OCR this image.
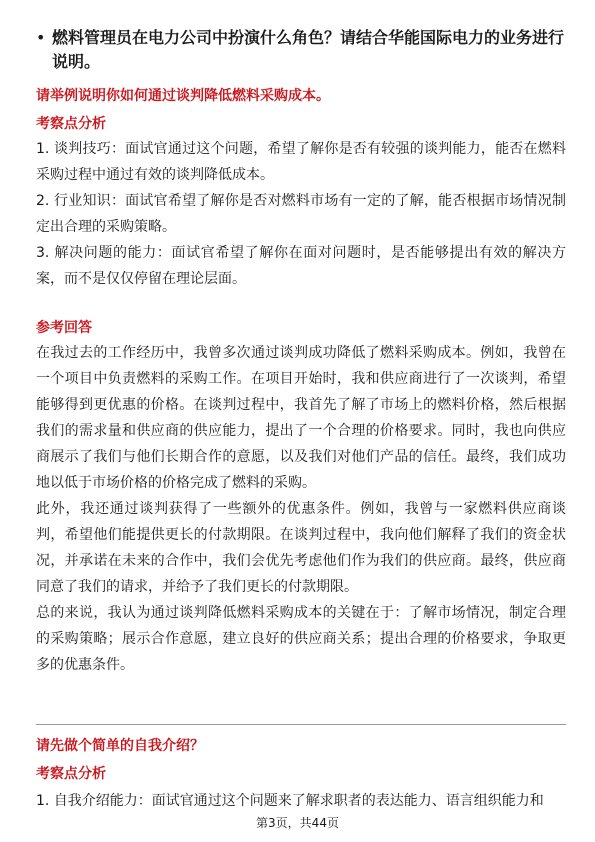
• 燃料管理员在电力公司中扮演什么角色？请结合华能国际电力的业务进行说明。
请举例说明你如何通过谈判降低燃料采购成本。
考察点分析
1. 谈判技巧：面试官通过这个问题，希望了解你是否有较强的谈判能力，能否在燃料采购过程中通过有效的谈判降低成本。
2. 行业知识：面试官希望了解你是否对燃料市场有一定的了解，能否根据市场情况制定出合理的采购策略。
3. 解决问题的能力：面试官希望了解你在面对问题时，是否能够提出有效的解决方案，而不是仅仅停留在理论层面。
参考回答
在我过去的工作经历中，我曾多次通过谈判成功降低了燃料采购成本。例如，我曾在一个项目中负责燃料的采购工作。在项目开始时，我和供应商进行了一次谈判，希望能够得到更优惠的价格。在谈判过程中，我首先了解了市场上的燃料价格，然后根据我们的需求量和供应商的供应能力，提出了一个合理的价格要求。同时，我也向供应商展示了我们与他们长期合作的意愿，以及我们对他们产品的信任。最终，我们成功地以低于市场价格的价格完成了燃料的采购。
此外，我还通过谈判获得了一些额外的优惠条件。例如，我曾与一家燃料供应商谈判，希望他们能提供更长的付款期限。在谈判过程中，我向他们解释了我们的资金状况，并承诺在未来的合作中，我们会优先考虑他们作为我们的供应商。最终，供应商同意了我们的请求，并给予了我们更长的付款期限。
总的来说，我认为通过谈判降低燃料采购成本的关键在于：了解市场情况，制定合理的采购策略；展示合作意愿，建立良好的供应商关系；提出合理的价格要求，争取更多的优惠条件。
请先做个简单的自我介绍？
考察点分析
1. 自我介绍能力：面试官通过这个问题来了解求职者的表达能力、语言组织能力和
第3页，共44页
